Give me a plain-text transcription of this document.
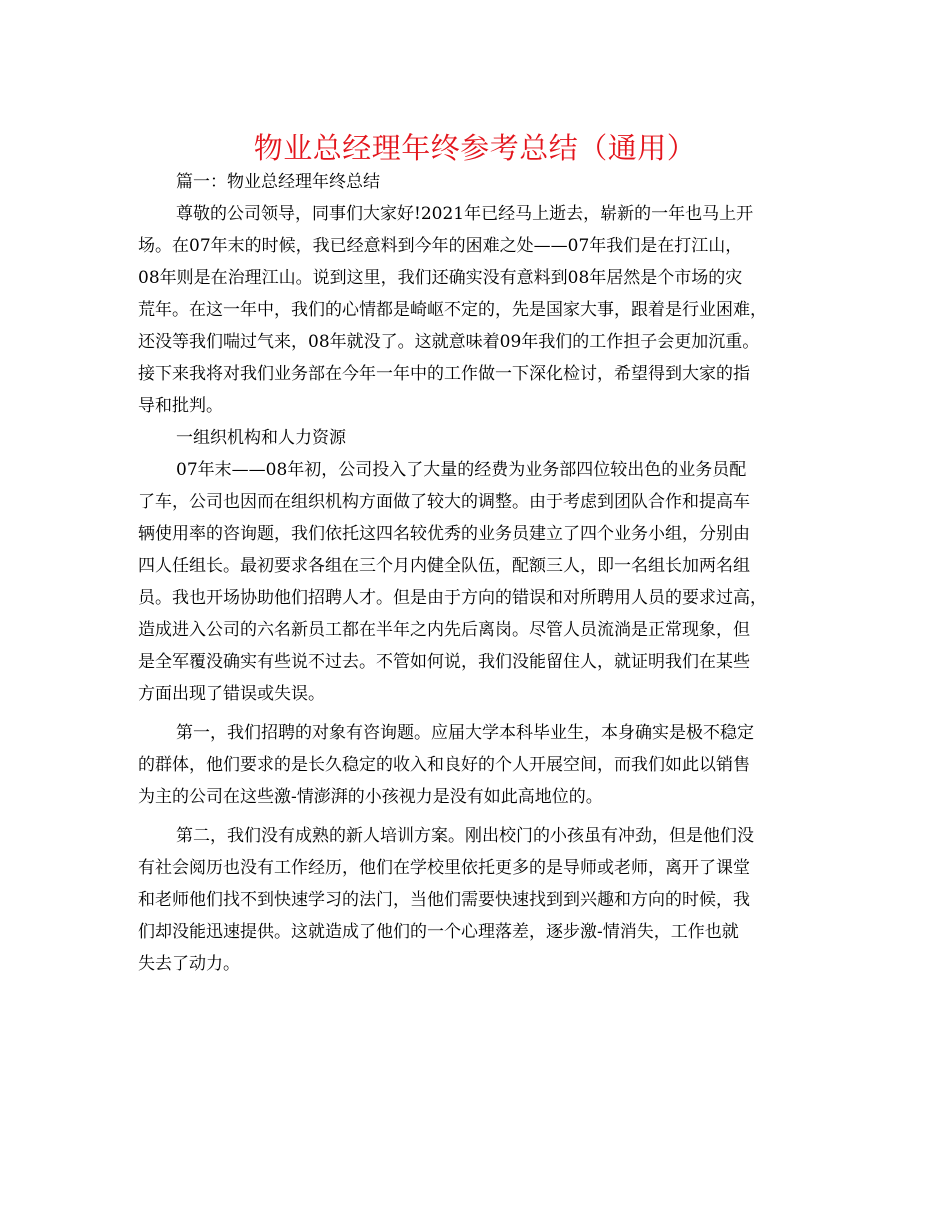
物业总经理年终参考总结（通用）
篇一：物业总经理年终总结
尊敬的公司领导，同事们大家好!2021年已经马上逝去，崭新的一年也马上开
场。在07年末的时候，我已经意料到今年的困难之处——07年我们是在打江山，
08年则是在治理江山。说到这里，我们还确实没有意料到08年居然是个市场的灾
荒年。在这一年中，我们的心情都是崎岖不定的，先是国家大事，跟着是行业困难，
还没等我们喘过气来，08年就没了。这就意味着09年我们的工作担子会更加沉重。
接下来我将对我们业务部在今年一年中的工作做一下深化检讨，希望得到大家的指
导和批判。
一组织机构和人力资源
07年末——08年初，公司投入了大量的经费为业务部四位较出色的业务员配
了车，公司也因而在组织机构方面做了较大的调整。由于考虑到团队合作和提高车
辆使用率的咨询题，我们依托这四名较优秀的业务员建立了四个业务小组，分别由
四人任组长。最初要求各组在三个月内健全队伍，配额三人，即一名组长加两名组
员。我也开场协助他们招聘人才。但是由于方向的错误和对所聘用人员的要求过高，
造成进入公司的六名新员工都在半年之内先后离岗。尽管人员流淌是正常现象，但
是全军覆没确实有些说不过去。不管如何说，我们没能留住人，就证明我们在某些
方面出现了错误或失误。
第一，我们招聘的对象有咨询题。应届大学本科毕业生，本身确实是极不稳定
的群体，他们要求的是长久稳定的收入和良好的个人开展空间，而我们如此以销售
为主的公司在这些激-情澎湃的小孩视力是没有如此高地位的。
第二，我们没有成熟的新人培训方案。刚出校门的小孩虽有冲劲，但是他们没
有社会阅历也没有工作经历，他们在学校里依托更多的是导师或老师，离开了课堂
和老师他们找不到快速学习的法门，当他们需要快速找到到兴趣和方向的时候，我
们却没能迅速提供。这就造成了他们的一个心理落差，逐步激-情消失，工作也就
失去了动力。
